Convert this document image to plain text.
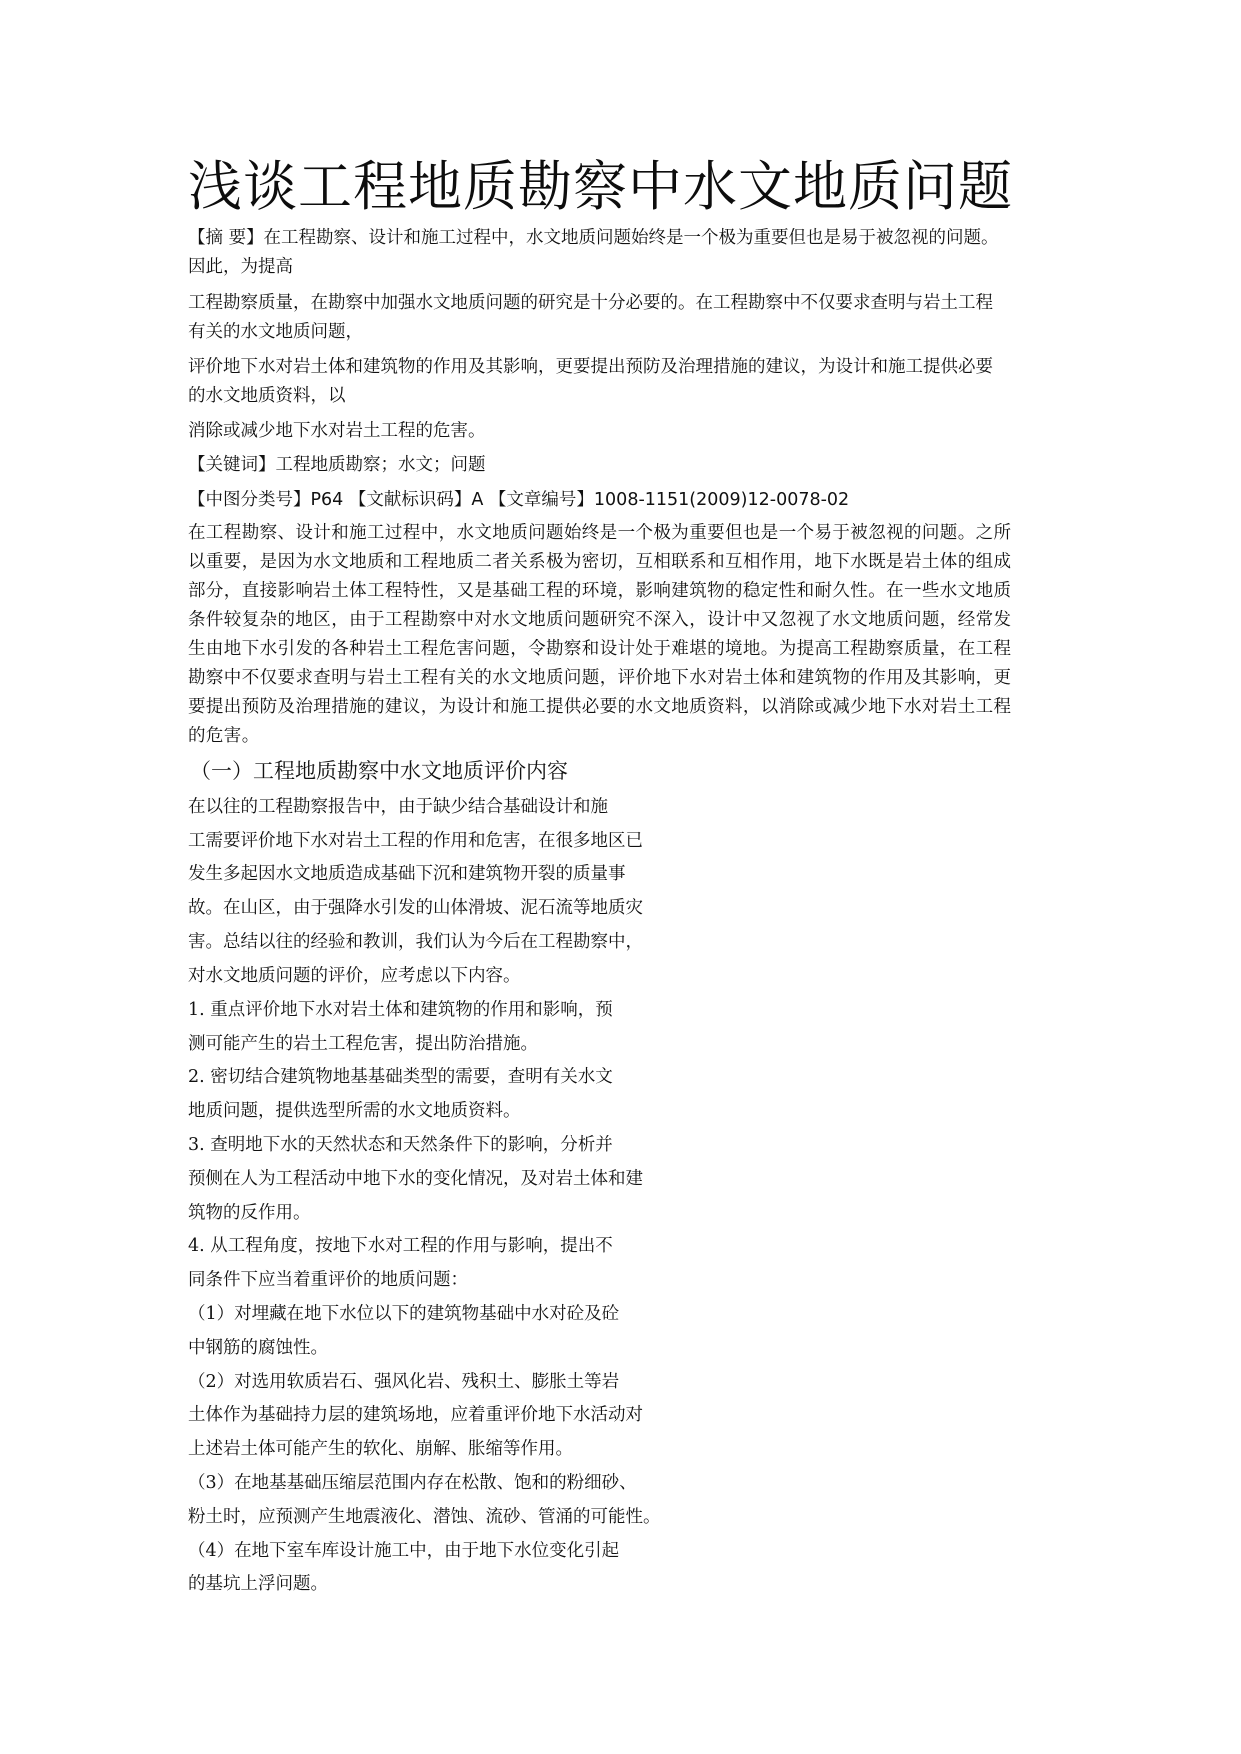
浅谈工程地质勘察中水文地质问题
【摘 要】在工程勘察、设计和施工过程中，水文地质问题始终是一个极为重要但也是易于被忽视的问题。
因此，为提高
工程勘察质量，在勘察中加强水文地质问题的研究是十分必要的。在工程勘察中不仅要求查明与岩土工程
有关的水文地质问题，
评价地下水对岩土体和建筑物的作用及其影响，更要提出预防及治理措施的建议，为设计和施工提供必要
的水文地质资料，以
消除或减少地下水对岩土工程的危害。
【关键词】工程地质勘察；水文；问题
【中图分类号】P64 【文献标识码】A 【文章编号】1008-1151(2009)12-0078-02
在工程勘察、设计和施工过程中，水文地质问题始终是一个极为重要但也是一个易于被忽视的问题。之所
以重要，是因为水文地质和工程地质二者关系极为密切，互相联系和互相作用，地下水既是岩土体的组成
部分，直接影响岩土体工程特性，又是基础工程的环境，影响建筑物的稳定性和耐久性。在一些水文地质
条件较复杂的地区，由于工程勘察中对水文地质问题研究不深入，设计中又忽视了水文地质问题，经常发
生由地下水引发的各种岩土工程危害问题，令勘察和设计处于难堪的境地。为提高工程勘察质量，在工程
勘察中不仅要求查明与岩土工程有关的水文地质问题，评价地下水对岩土体和建筑物的作用及其影响，更
要提出预防及治理措施的建议，为设计和施工提供必要的水文地质资料，以消除或减少地下水对岩土工程
的危害。
（一）工程地质勘察中水文地质评价内容
在以往的工程勘察报告中，由于缺少结合基础设计和施
工需要评价地下水对岩土工程的作用和危害，在很多地区已
发生多起因水文地质造成基础下沉和建筑物开裂的质量事
故。在山区，由于强降水引发的山体滑坡、泥石流等地质灾
害。总结以往的经验和教训，我们认为今后在工程勘察中，
对水文地质问题的评价，应考虑以下内容。
1. 重点评价地下水对岩土体和建筑物的作用和影响，预
测可能产生的岩土工程危害，提出防治措施。
2. 密切结合建筑物地基基础类型的需要，查明有关水文
地质问题，提供选型所需的水文地质资料。
3. 查明地下水的天然状态和天然条件下的影响，分析并
预侧在人为工程活动中地下水的变化情况，及对岩土体和建
筑物的反作用。
4. 从工程角度，按地下水对工程的作用与影响，提出不
同条件下应当着重评价的地质问题：
（1）对埋藏在地下水位以下的建筑物基础中水对砼及砼
中钢筋的腐蚀性。
（2）对选用软质岩石、强风化岩、残积土、膨胀土等岩
土体作为基础持力层的建筑场地，应着重评价地下水活动对
上述岩土体可能产生的软化、崩解、胀缩等作用。
（3）在地基基础压缩层范围内存在松散、饱和的粉细砂、
粉土时，应预测产生地震液化、潜蚀、流砂、管涌的可能性。
（4）在地下室车库设计施工中，由于地下水位变化引起
的基坑上浮问题。
